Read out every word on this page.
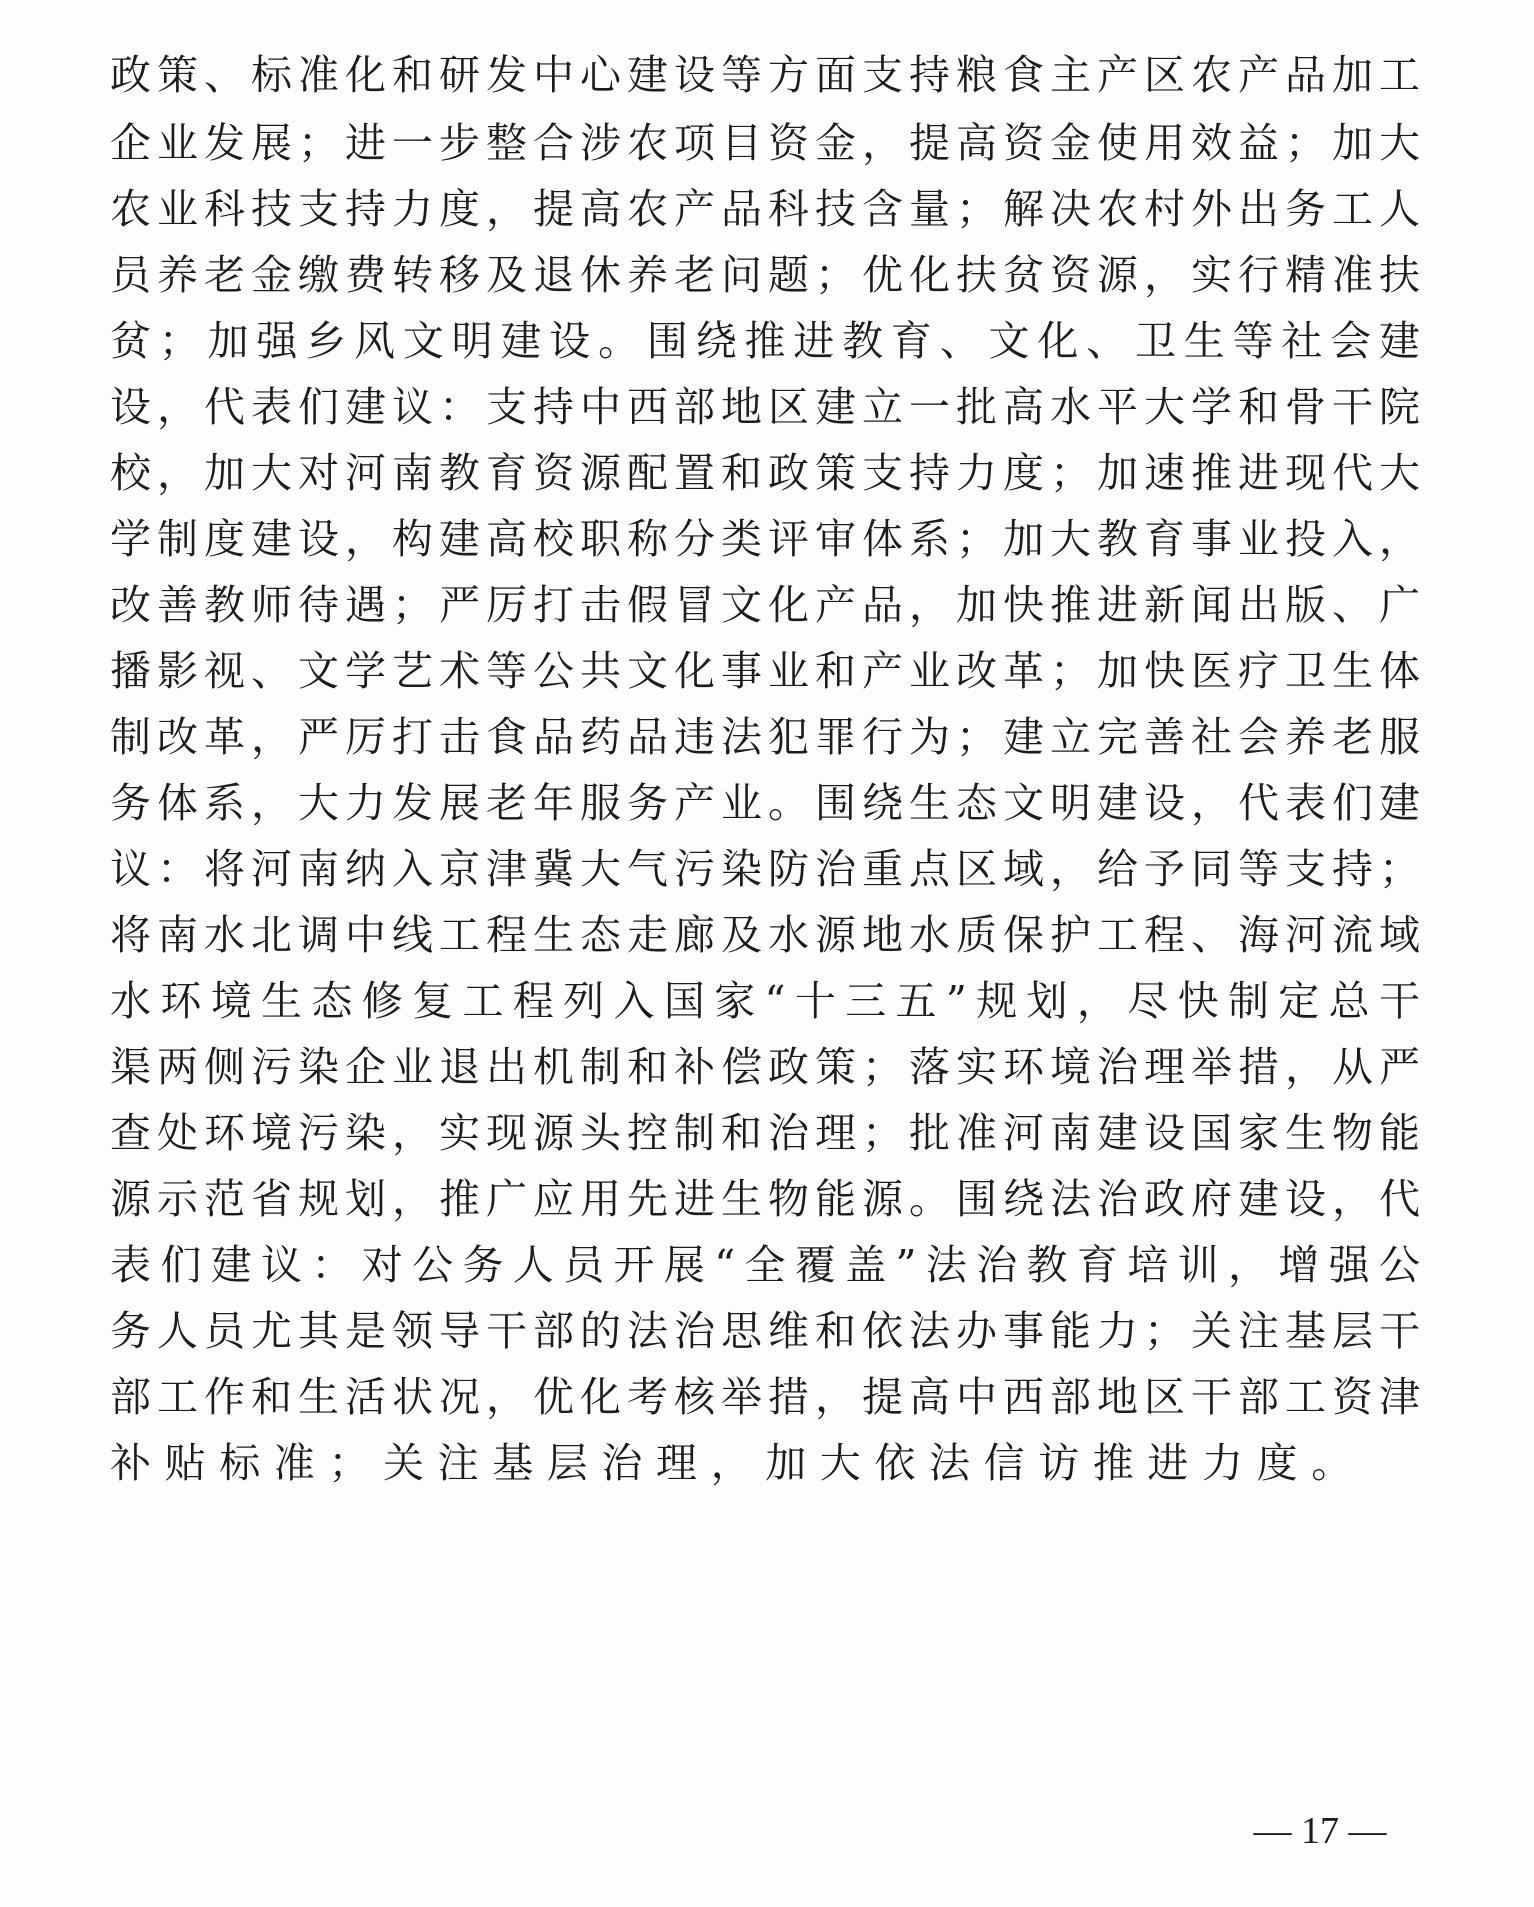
政策、标准化和研发中心建设等方面支持粮食主产区农产品加工

企业发展；进一步整合涉农项目资金，提高资金使用效益；加大

农业科技支持力度，提高农产品科技含量；解决农村外出务工人

员养老金缴费转移及退休养老问题；优化扶贫资源，实行精准扶

贫；加强乡风文明建设。围绕推进教育、文化、卫生等社会建

设，代表们建议：支持中西部地区建立一批高水平大学和骨干院

校，加大对河南教育资源配置和政策支持力度；加速推进现代大

学制度建设，构建高校职称分类评审体系；加大教育事业投入，

改善教师待遇；严厉打击假冒文化产品，加快推进新闻出版、广

播影视、文学艺术等公共文化事业和产业改革；加快医疗卫生体

制改革，严厉打击食品药品违法犯罪行为；建立完善社会养老服

务体系，大力发展老年服务产业。围绕生态文明建设，代表们建

议：将河南纳入京津冀大气污染防治重点区域，给予同等支持；

将南水北调中线工程生态走廊及水源地水质保护工程、海河流域

水环境生态修复工程列入国家“十三五”规划，尽快制定总干

渠两侧污染企业退出机制和补偿政策；落实环境治理举措，从严

查处环境污染，实现源头控制和治理；批准河南建设国家生物能

源示范省规划，推广应用先进生物能源。围绕法治政府建设，代

表们建议：对公务人员开展“全覆盖”法治教育培训，增强公

务人员尤其是领导干部的法治思维和依法办事能力；关注基层干

部工作和生活状况，优化考核举措，提高中西部地区干部工资津

补贴标准；关注基层治理，加大依法信访推进力度。

— 17 —
